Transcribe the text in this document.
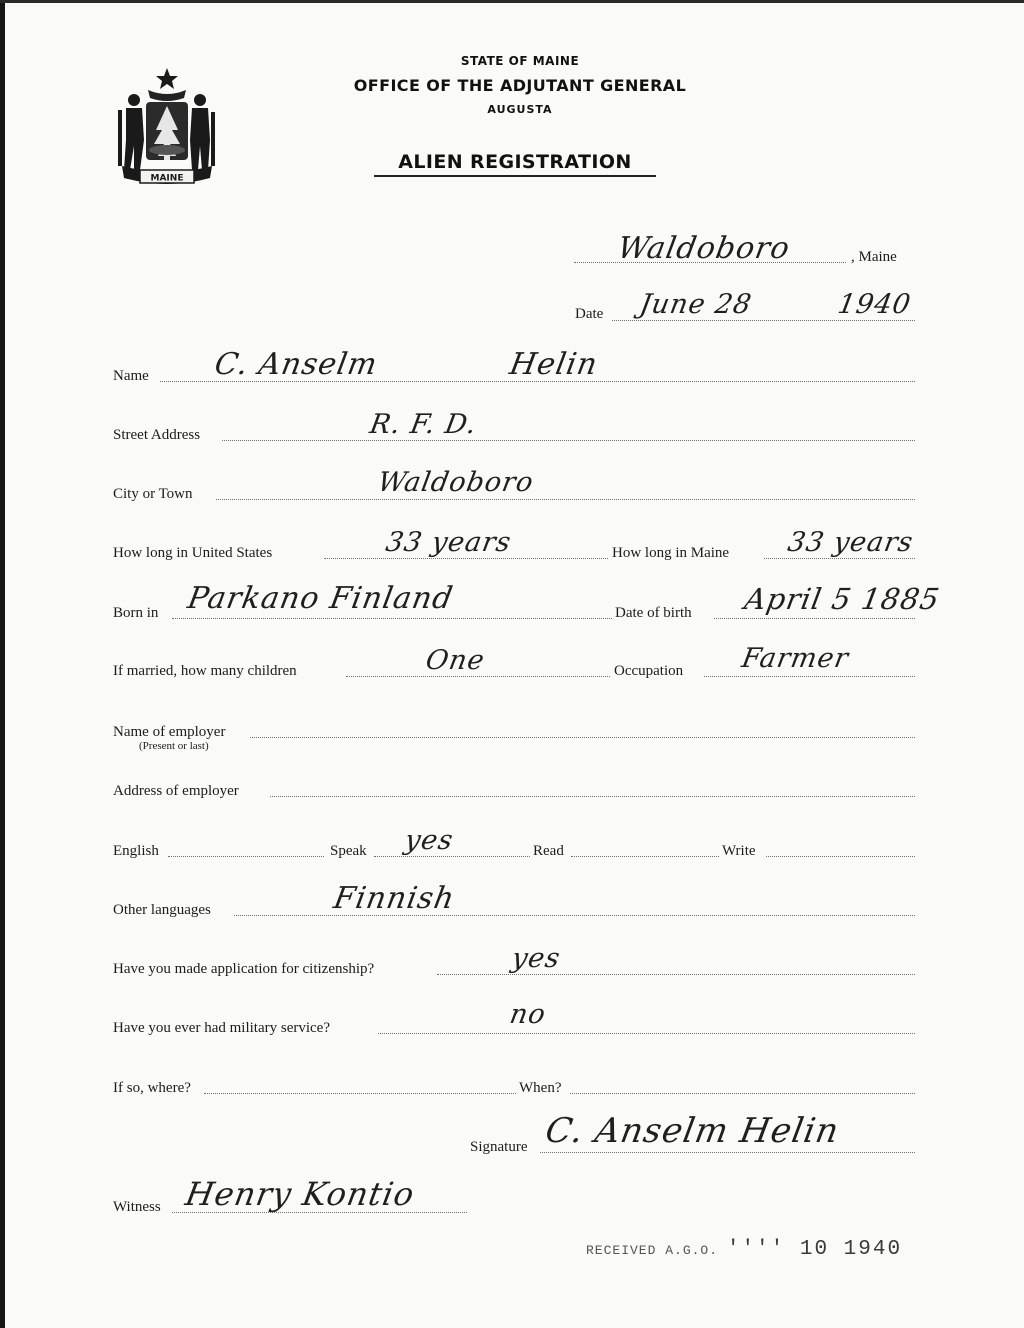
MAINE
STATE OF MAINE
OFFICE OF THE ADJUTANT GENERAL
AUGUSTA
ALIEN REGISTRATION
Waldoboro	, Maine
Date June 28	1940
Name C. Anselm	Helin
Street Address	R. F. D.
City or Town	Waldoboro
How long in United States	33 years	How long in Maine 33 years
Born in Parkano Finland	Date of birth April 5 1885
If married, how many children	One	Occupation Farmer
Name of employer
(Present or last)
Address of employer
English	Speak yes	Read	Write
Other languages	Finnish
Have you made application for citizenship?	yes
Have you ever had military service?	no
If so, where?	When?
Signature C. Anselm Helin
Witness Henry Kontio
RECEIVED A.G.O. '''' 10 1940
